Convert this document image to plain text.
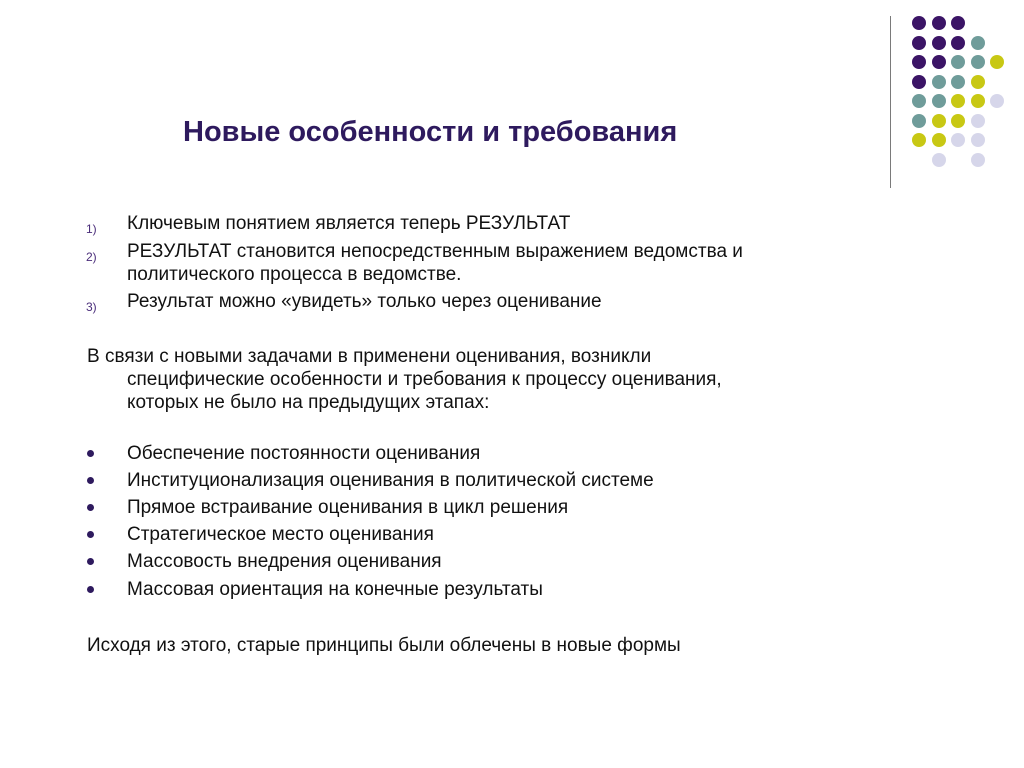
Новые особенности и требования
1) Ключевым понятием является теперь РЕЗУЛЬТАТ
2) РЕЗУЛЬТАТ становится непосредственным выражением ведомства и
политического процесса в ведомстве.
3) Результат можно «увидеть» только через оценивание
В связи с новыми задачами в применени оценивания, возникли
специфические особенности и требования к процессу оценивания,
которых не было на предыдущих этапах:
Обеспечение постоянности оценивания
Институционализация оценивания в политической системе
Прямое встраивание оценивания в цикл решения
Стратегическое место оценивания
Массовость внедрения оценивания
Массовая ориентация на конечные результаты
Исходя из этого, старые принципы были облечены в новые формы
